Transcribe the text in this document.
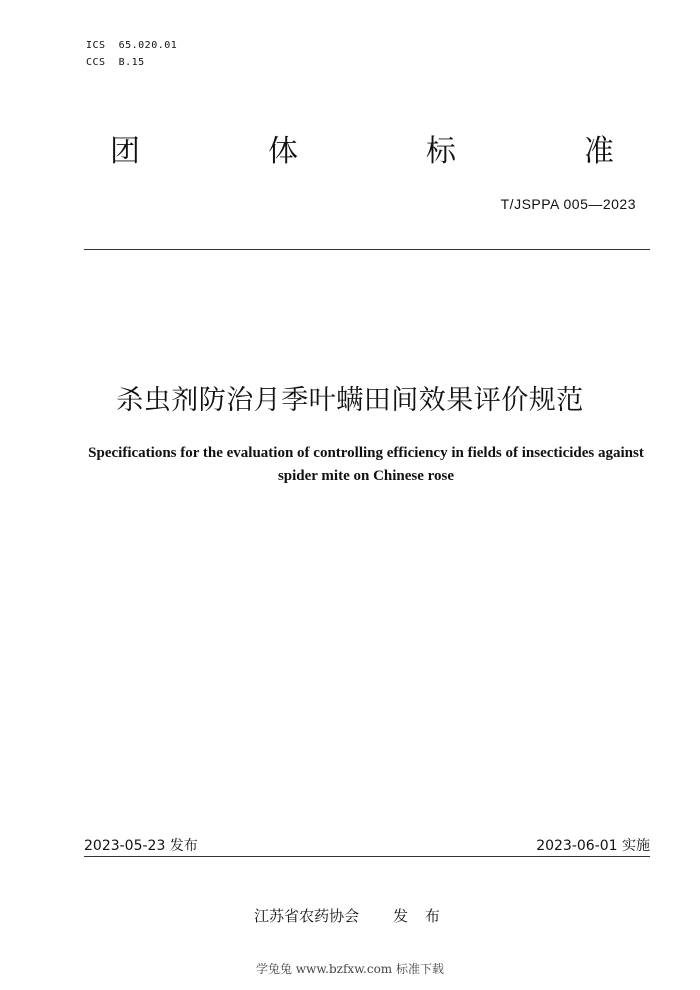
ICS  65.020.01
CCS  B.15
团	体	标	准
T/JSPPA 005—2023
杀虫剂防治月季叶螨田间效果评价规范
Specifications for the evaluation of controlling efficiency in fields of insecticides against spider mite on Chinese rose
2023-05-23 发布	2023-06-01 实施
江苏省农药协会 发 布
学兔兔 www.bzfxw.com 标准下载
